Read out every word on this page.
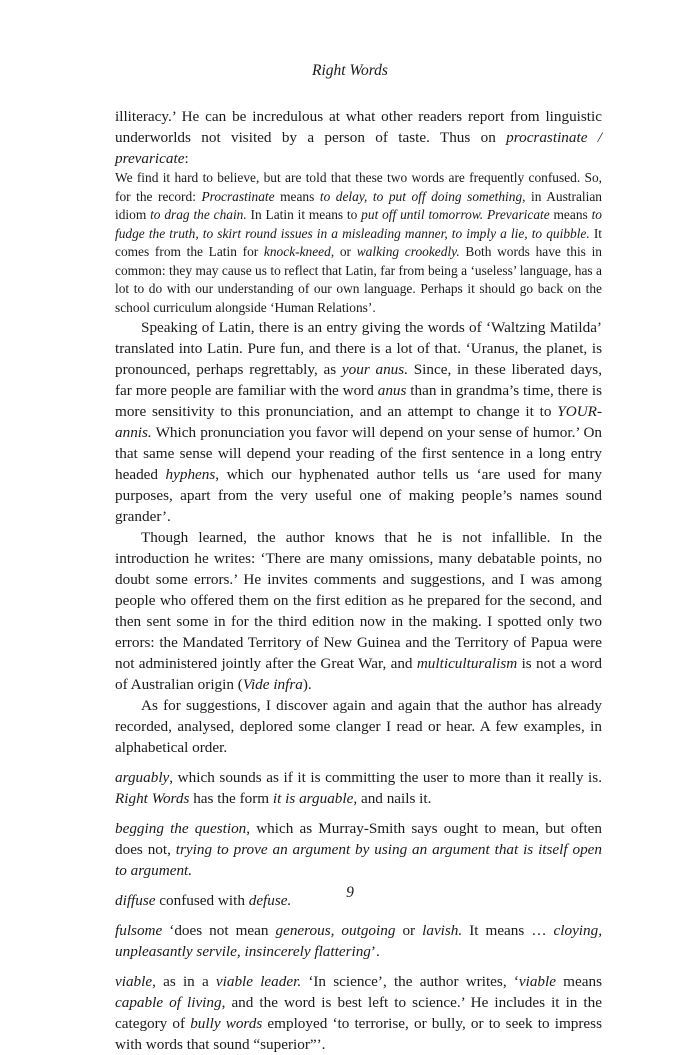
Right Words

illiteracy.’ He can be incredulous at what other readers report from linguistic underworlds not visited by a person of taste. Thus on procrastinate / prevaricate:

We find it hard to believe, but are told that these two words are frequently confused. So, for the record: Procrastinate means to delay, to put off doing something, in Australian idiom to drag the chain. In Latin it means to put off until tomorrow. Prevaricate means to fudge the truth, to skirt round issues in a misleading manner, to imply a lie, to quibble. It comes from the Latin for knock-kneed, or walking crookedly. Both words have this in common: they may cause us to reflect that Latin, far from being a ‘useless’ language, has a lot to do with our understanding of our own language. Perhaps it should go back on the school curriculum alongside ‘Human Relations’.

Speaking of Latin, there is an entry giving the words of ‘Waltzing Matilda’ translated into Latin. Pure fun, and there is a lot of that. ‘Uranus, the planet, is pronounced, perhaps regrettably, as your anus. Since, in these liberated days, far more people are familiar with the word anus than in grandma’s time, there is more sensitivity to this pronunciation, and an attempt to change it to YOUR-annis. Which pronunciation you favor will depend on your sense of humor.’ On that same sense will depend your reading of the first sentence in a long entry headed hyphens, which our hyphenated author tells us ‘are used for many purposes, apart from the very useful one of making people’s names sound grander’.

Though learned, the author knows that he is not infallible. In the introduction he writes: ‘There are many omissions, many debatable points, no doubt some errors.’ He invites comments and suggestions, and I was among people who offered them on the first edition as he prepared for the second, and then sent some in for the third edition now in the making. I spotted only two errors: the Mandated Territory of New Guinea and the Territory of Papua were not administered jointly after the Great War, and multiculturalism is not a word of Australian origin (Vide infra).

As for suggestions, I discover again and again that the author has already recorded, analysed, deplored some clanger I read or hear. A few examples, in alphabetical order.

arguably, which sounds as if it is committing the user to more than it really is. Right Words has the form it is arguable, and nails it.

begging the question, which as Murray-Smith says ought to mean, but often does not, trying to prove an argument by using an argument that is itself open to argument.

diffuse confused with defuse.

fulsome ‘does not mean generous, outgoing or lavish. It means … cloying, unpleasantly servile, insincerely flattering’.

viable, as in a viable leader. ‘In science’, the author writes, ‘viable means capable of living, and the word is best left to science.’ He includes it in the category of bully words employed ‘to terrorise, or bully, or to seek to impress with words that sound “superior”’.

9
